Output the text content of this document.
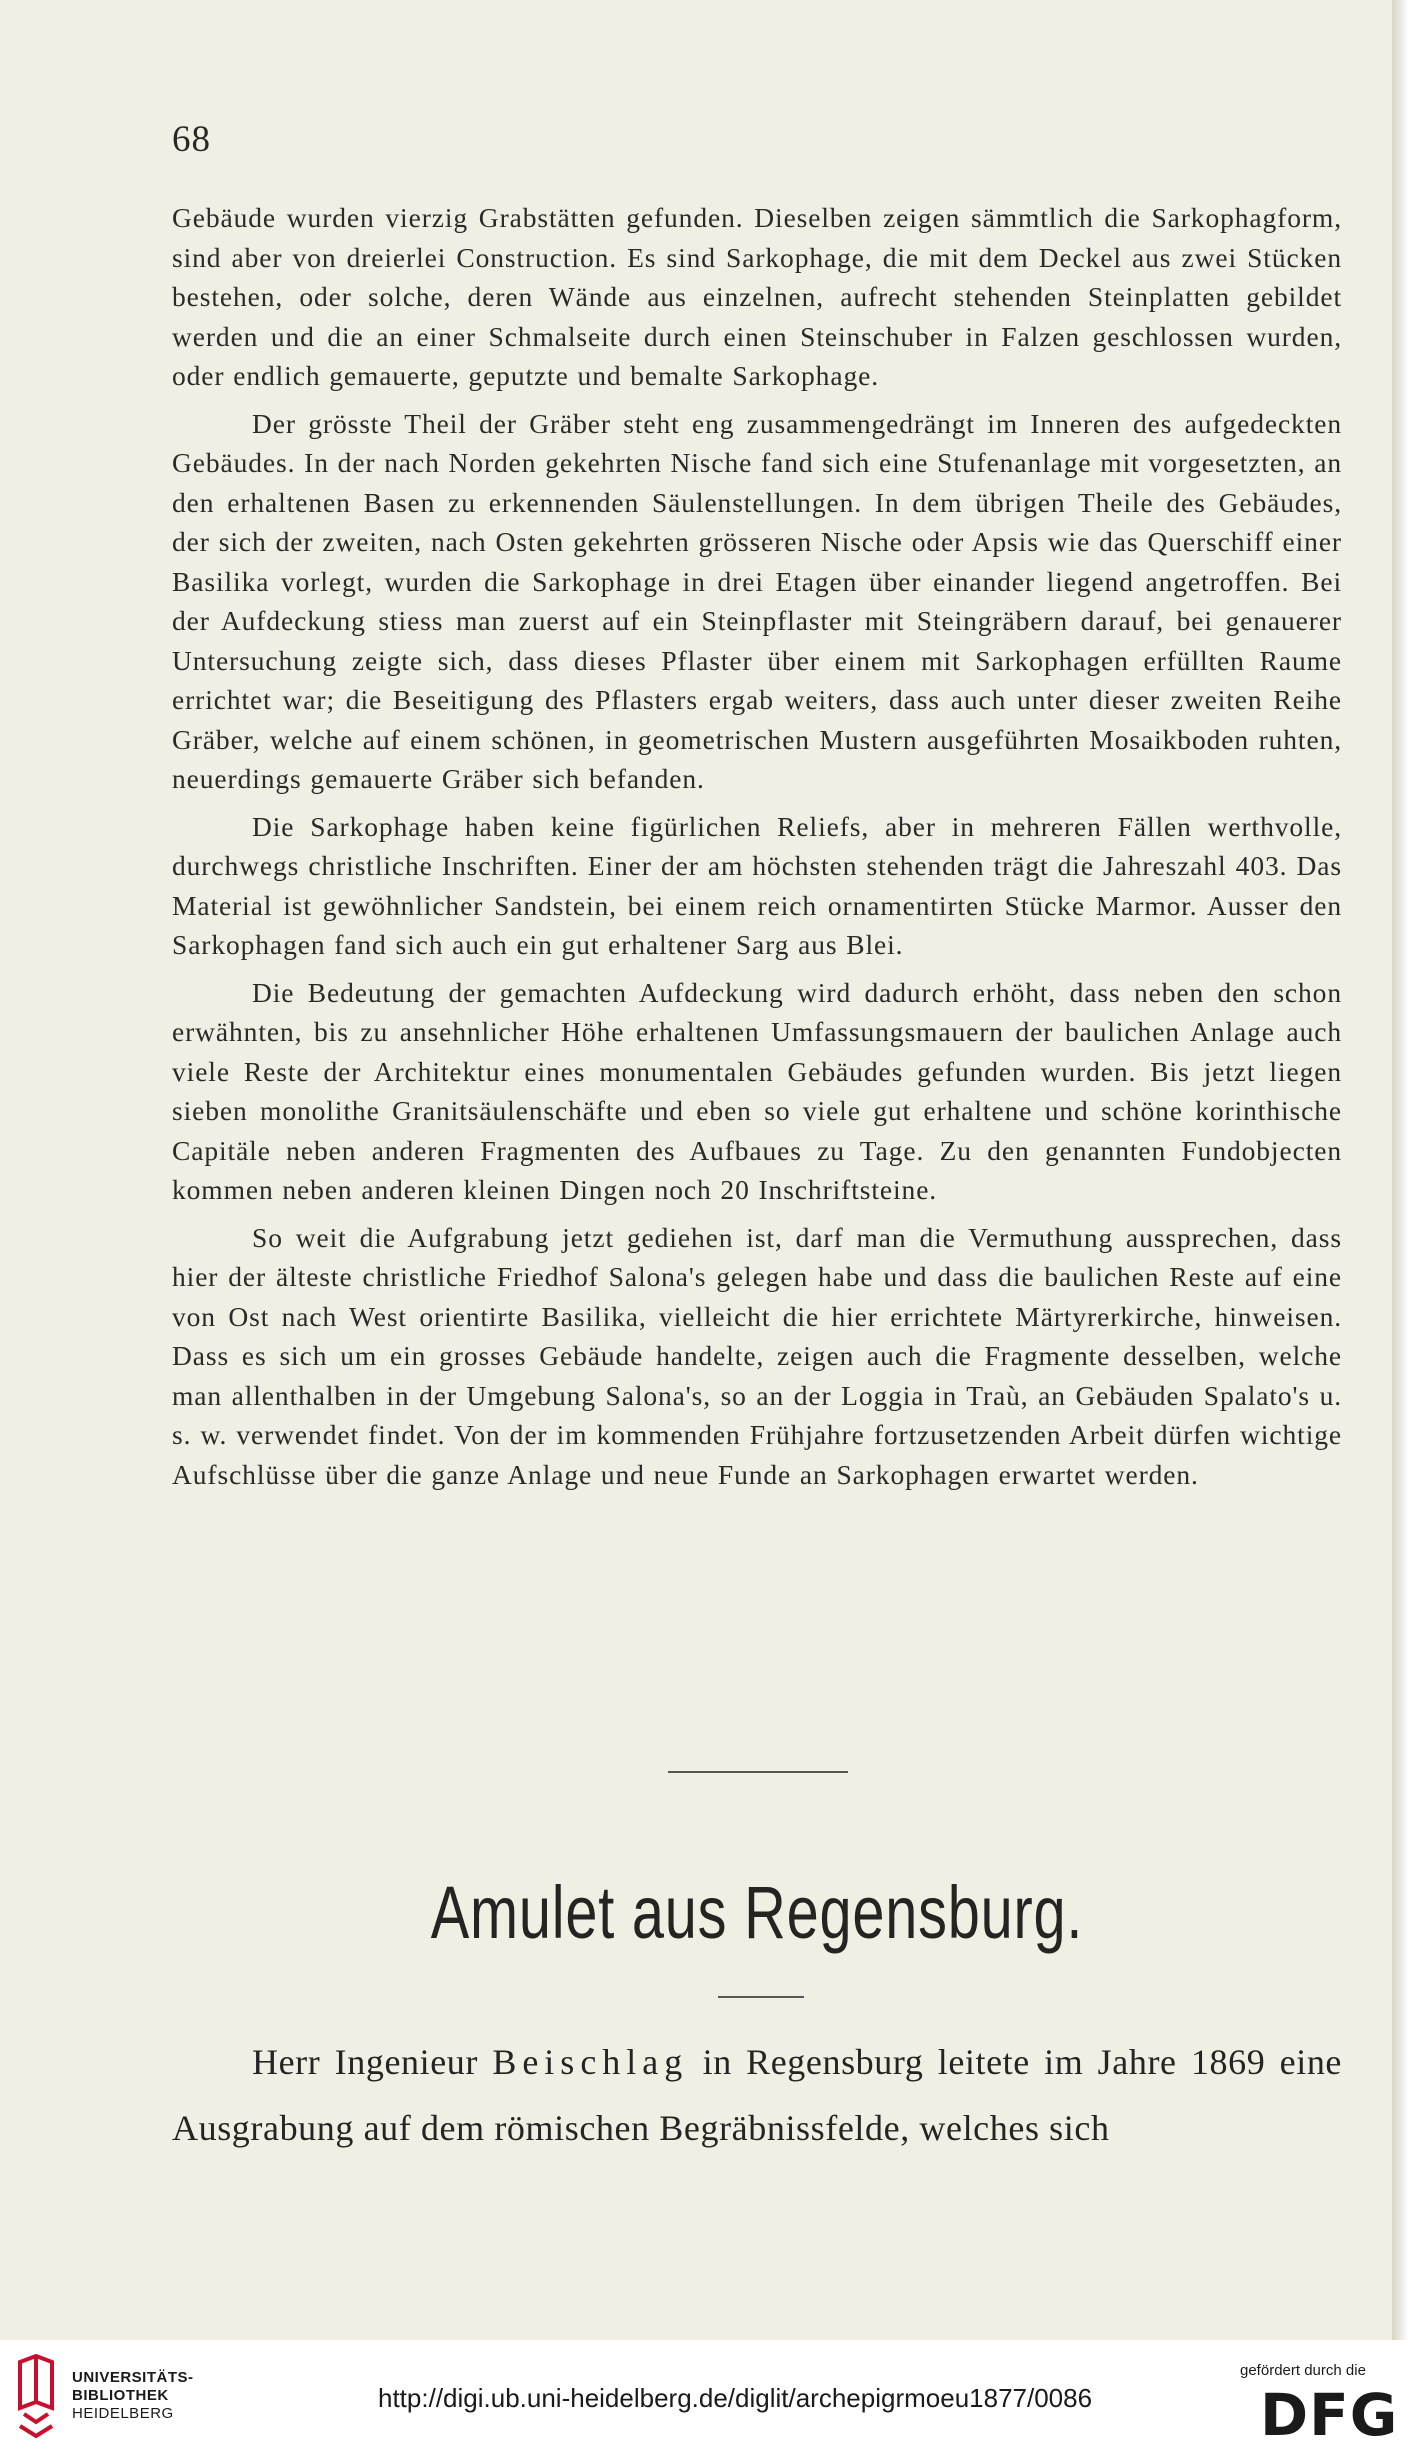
68

Gebäude wurden vierzig Grabstätten gefunden. Dieselben zeigen sämmtlich die Sarkophagform, sind aber von dreierlei Construction. Es sind Sarkophage, die mit dem Deckel aus zwei Stücken bestehen, oder solche, deren Wände aus einzelnen, aufrecht stehenden Steinplatten gebildet werden und die an einer Schmalseite durch einen Steinschuber in Falzen geschlossen wurden, oder endlich gemauerte, geputzte und bemalte Sarkophage.

Der grösste Theil der Gräber steht eng zusammengedrängt im Inneren des aufgedeckten Gebäudes. In der nach Norden gekehrten Nische fand sich eine Stufenanlage mit vorgesetzten, an den erhaltenen Basen zu erkennenden Säulenstellungen. In dem übrigen Theile des Gebäudes, der sich der zweiten, nach Osten gekehrten grösseren Nische oder Apsis wie das Querschiff einer Basilika vorlegt, wurden die Sarkophage in drei Etagen über einander liegend angetroffen. Bei der Aufdeckung stiess man zuerst auf ein Steinpflaster mit Steingräbern darauf, bei genauerer Untersuchung zeigte sich, dass dieses Pflaster über einem mit Sarkophagen erfüllten Raume errichtet war; die Beseitigung des Pflasters ergab weiters, dass auch unter dieser zweiten Reihe Gräber, welche auf einem schönen, in geometrischen Mustern ausgeführten Mosaikboden ruhten, neuerdings gemauerte Gräber sich befanden.

Die Sarkophage haben keine figürlichen Reliefs, aber in mehreren Fällen werthvolle, durchwegs christliche Inschriften. Einer der am höchsten stehenden trägt die Jahreszahl 403. Das Material ist gewöhnlicher Sandstein, bei einem reich ornamentirten Stücke Marmor. Ausser den Sarkophagen fand sich auch ein gut erhaltener Sarg aus Blei.

Die Bedeutung der gemachten Aufdeckung wird dadurch erhöht, dass neben den schon erwähnten, bis zu ansehnlicher Höhe erhaltenen Umfassungsmauern der baulichen Anlage auch viele Reste der Architektur eines monumentalen Gebäudes gefunden wurden. Bis jetzt liegen sieben monolithe Granitsäulenschäfte und eben so viele gut erhaltene und schöne korinthische Capitäle neben anderen Fragmenten des Aufbaues zu Tage. Zu den genannten Fundobjecten kommen neben anderen kleinen Dingen noch 20 Inschriftsteine.

So weit die Aufgrabung jetzt gediehen ist, darf man die Vermuthung aussprechen, dass hier der älteste christliche Friedhof Salona's gelegen habe und dass die baulichen Reste auf eine von Ost nach West orientirte Basilika, vielleicht die hier errichtete Märtyrerkirche, hinweisen. Dass es sich um ein grosses Gebäude handelte, zeigen auch die Fragmente desselben, welche man allenthalben in der Umgebung Salona's, so an der Loggia in Traù, an Gebäuden Spalato's u. s. w. verwendet findet. Von der im kommenden Frühjahre fortzusetzenden Arbeit dürfen wichtige Aufschlüsse über die ganze Anlage und neue Funde an Sarkophagen erwartet werden.

Amulet aus Regensburg.

Herr Ingenieur Beischlag in Regensburg leitete im Jahre 1869 eine Ausgrabung auf dem römischen Begräbnissfelde, welches sich

UNIVERSITÄTS-
BIBLIOTHEK
HEIDELBERG
http://digi.ub.uni-heidelberg.de/diglit/archepigrmoeu1877/0086
gefördert durch die
DFG
